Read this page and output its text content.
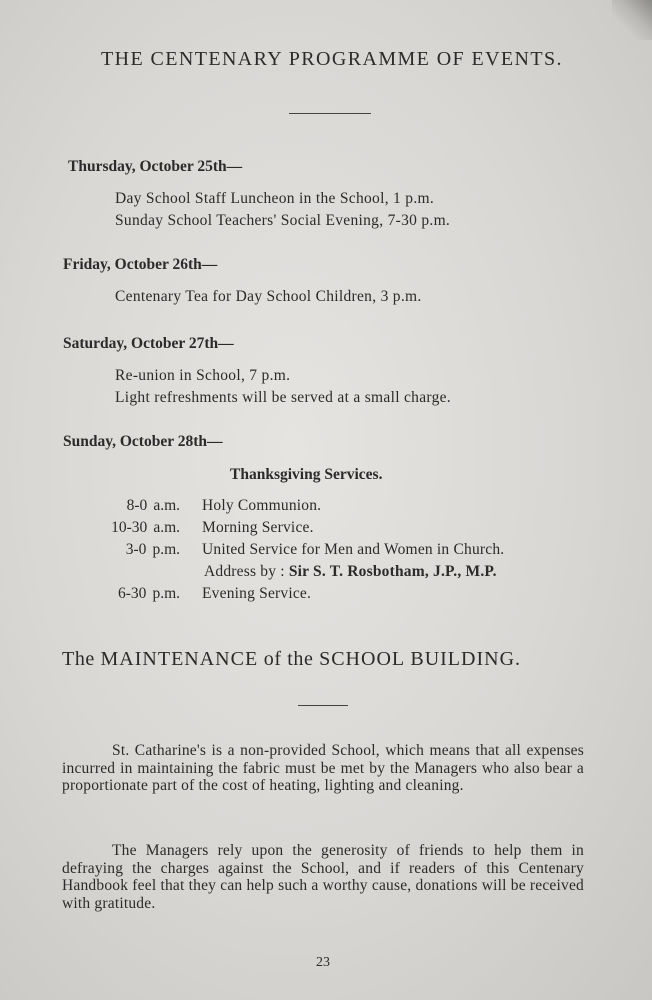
THE CENTENARY PROGRAMME OF EVENTS.
Thursday, October 25th—
Day School Staff Luncheon in the School, 1 p.m.
Sunday School Teachers' Social Evening, 7-30 p.m.
Friday, October 26th—
Centenary Tea for Day School Children, 3 p.m.
Saturday, October 27th—
Re-union in School, 7 p.m.
Light refreshments will be served at a small charge.
Sunday, October 28th—
Thanksgiving Services.
8-0 a.m. Holy Communion.
10-30 a.m. Morning Service.
3-0 p.m. United Service for Men and Women in Church.
Address by : Sir S. T. Rosbotham, J.P., M.P.
6-30 p.m. Evening Service.
The MAINTENANCE of the SCHOOL BUILDING.
St. Catharine's is a non-provided School, which means that all expenses incurred in maintaining the fabric must be met by the Managers who also bear a proportionate part of the cost of heating, lighting and cleaning.
The Managers rely upon the generosity of friends to help them in defraying the charges against the School, and if readers of this Centenary Handbook feel that they can help such a worthy cause, donations will be received with gratitude.
23
